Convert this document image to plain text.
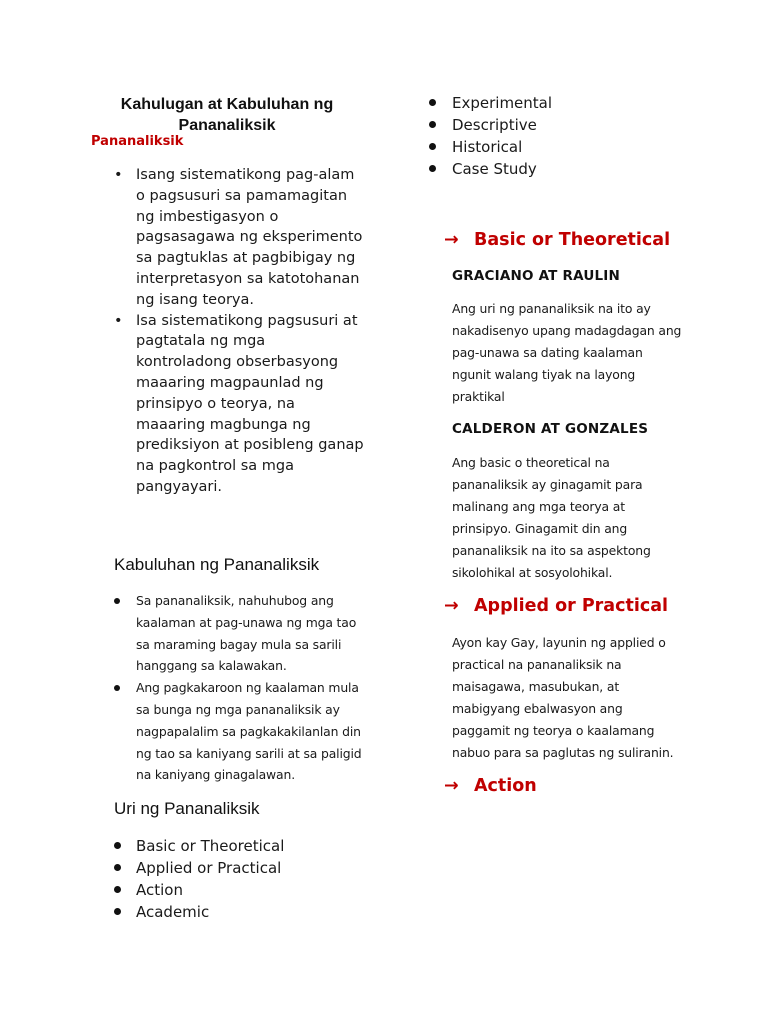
Kahulugan at Kabuluhan ng Pananaliksik

Pananaliksik

• Isang sistematikong pag-alam o pagsusuri sa pamamagitan ng imbestigasyon o pagsasagawa ng eksperimento sa pagtuklas at pagbibigay ng interpretasyon sa katotohanan ng isang teorya.
• Isa sistematikong pagsusuri at pagtatala ng mga kontroladong obserbasyong maaaring magpaunlad ng prinsipyo o teorya, na maaaring magbunga ng prediksiyon at posibleng ganap na pagkontrol sa mga pangyayari.
Kabuluhan ng Pananaliksik
Sa pananaliksik, nahuhubog ang kaalaman at pag-unawa ng mga tao sa maraming bagay mula sa sarili hanggang sa kalawakan.
Ang pagkakaroon ng kaalaman mula sa bunga ng mga pananaliksik ay nagpapalalim sa pagkakakilanlan din ng tao sa kaniyang sarili at sa paligid na kaniyang ginagalawan.
Uri ng Pananaliksik
Basic or Theoretical
Applied or Practical
Action
Academic
Experimental
Descriptive
Historical
Case Study
→ Basic or Theoretical

GRACIANO AT RAULIN

Ang uri ng pananaliksik na ito ay nakadisenyo upang madagdagan ang pag-unawa sa dating kaalaman ngunit walang tiyak na layong praktikal

CALDERON AT GONZALES

Ang basic o theoretical na pananaliksik ay ginagamit para malinang ang mga teorya at prinsipyo. Ginagamit din ang pananaliksik na ito sa aspektong sikolohikal at sosyolohikal.

→ Applied or Practical

Ayon kay Gay, layunin ng applied o practical na pananaliksik na maisagawa, masubukan, at mabigyang ebalwasyon ang paggamit ng teorya o kaalamang nabuo para sa paglutas ng suliranin.

→ Action
